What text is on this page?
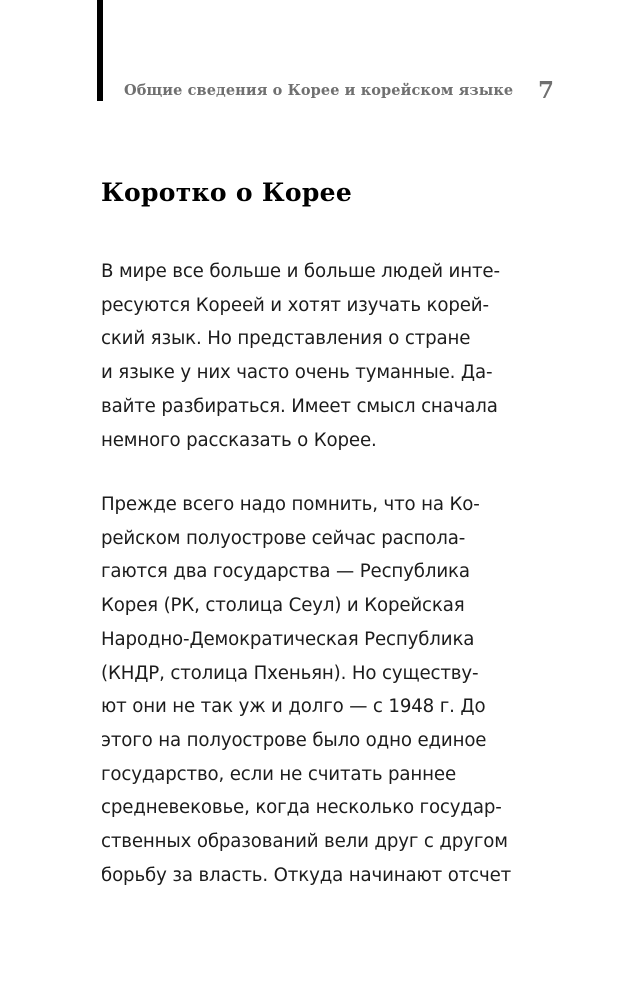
Общие сведения о Корее и корейском языке 7
Коротко о Корее

В мире все больше и больше людей инте-
ресуются Кореей и хотят изучать корей-
ский язык. Но представления о стране
и языке у них часто очень туманные. Да-
вайте разбираться. Имеет смысл сначала
немного рассказать о Корее.

Прежде всего надо помнить, что на Ко-
рейском полуострове сейчас распола-
гаются два государства — Республика
Корея (РК, столица Сеул) и Корейская
Народно-Демократическая Республика
(КНДР, столица Пхеньян). Но существу-
ют они не так уж и долго — с 1948 г. До
этого на полуострове было одно единое
государство, если не считать раннее
средневековье, когда несколько государ-
ственных образований вели друг с другом
борьбу за власть. Откуда начинают отсчет
